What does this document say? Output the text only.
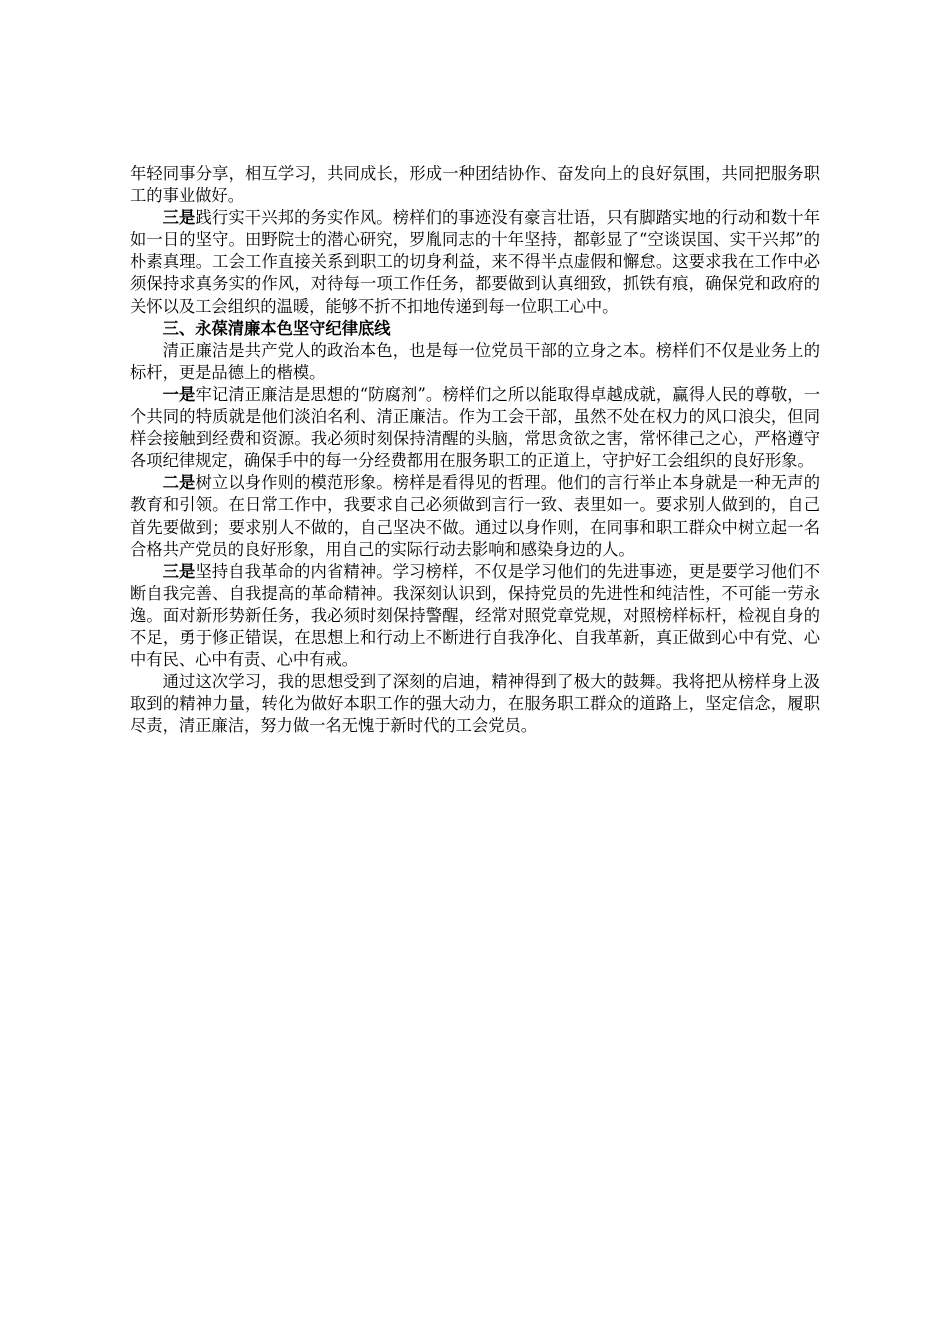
年轻同事分享，相互学习，共同成长，形成一种团结协作、奋发向上的良好氛围，共同把服务职工的事业做好。

三是践行实干兴邦的务实作风。榜样们的事迹没有豪言壮语，只有脚踏实地的行动和数十年如一日的坚守。田野院士的潜心研究，罗胤同志的十年坚持，都彰显了“空谈误国、实干兴邦”的朴素真理。工会工作直接关系到职工的切身利益，来不得半点虚假和懈怠。这要求我在工作中必须保持求真务实的作风，对待每一项工作任务，都要做到认真细致，抓铁有痕，确保党和政府的关怀以及工会组织的温暖，能够不折不扣地传递到每一位职工心中。

三、永葆清廉本色坚守纪律底线

清正廉洁是共产党人的政治本色，也是每一位党员干部的立身之本。榜样们不仅是业务上的标杆，更是品德上的楷模。

一是牢记清正廉洁是思想的“防腐剂”。榜样们之所以能取得卓越成就，赢得人民的尊敬，一个共同的特质就是他们淡泊名利、清正廉洁。作为工会干部，虽然不处在权力的风口浪尖，但同样会接触到经费和资源。我必须时刻保持清醒的头脑，常思贪欲之害，常怀律己之心，严格遵守各项纪律规定，确保手中的每一分经费都用在服务职工的正道上，守护好工会组织的良好形象。

二是树立以身作则的模范形象。榜样是看得见的哲理。他们的言行举止本身就是一种无声的教育和引领。在日常工作中，我要求自己必须做到言行一致、表里如一。要求别人做到的，自己首先要做到；要求别人不做的，自己坚决不做。通过以身作则，在同事和职工群众中树立起一名合格共产党员的良好形象，用自己的实际行动去影响和感染身边的人。

三是坚持自我革命的内省精神。学习榜样，不仅是学习他们的先进事迹，更是要学习他们不断自我完善、自我提高的革命精神。我深刻认识到，保持党员的先进性和纯洁性，不可能一劳永逸。面对新形势新任务，我必须时刻保持警醒，经常对照党章党规，对照榜样标杆，检视自身的不足，勇于修正错误，在思想上和行动上不断进行自我净化、自我革新，真正做到心中有党、心中有民、心中有责、心中有戒。

通过这次学习，我的思想受到了深刻的启迪，精神得到了极大的鼓舞。我将把从榜样身上汲取到的精神力量，转化为做好本职工作的强大动力，在服务职工群众的道路上，坚定信念，履职尽责，清正廉洁，努力做一名无愧于新时代的工会党员。
